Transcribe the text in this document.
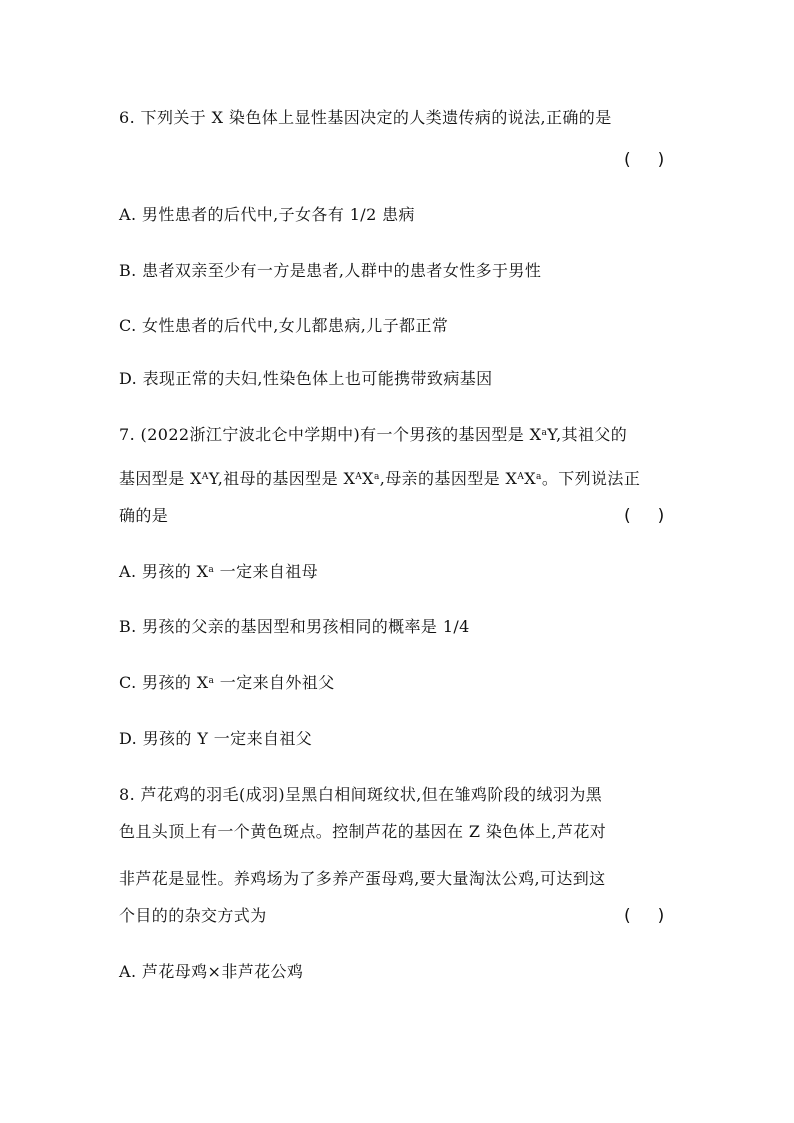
6. 下列关于 X 染色体上显性基因决定的人类遗传病的说法,正确的是
(     )
A. 男性患者的后代中,子女各有 1/2 患病
B. 患者双亲至少有一方是患者,人群中的患者女性多于男性
C. 女性患者的后代中,女儿都患病,儿子都正常
D. 表现正常的夫妇,性染色体上也可能携带致病基因
7. (2022浙江宁波北仑中学期中)有一个男孩的基因型是 $X^aY$,其祖父的
基因型是 $X^AY$,祖母的基因型是 $X^AX^a$,母亲的基因型是 $X^AX^a$。下列说法正
确的是	(     )
A. 男孩的 $X^a$ 一定来自祖母
B. 男孩的父亲的基因型和男孩相同的概率是 1/4
C. 男孩的 $X^a$ 一定来自外祖父
D. 男孩的 Y 一定来自祖父
8. 芦花鸡的羽毛(成羽)呈黑白相间斑纹状,但在雏鸡阶段的绒羽为黑
色且头顶上有一个黄色斑点。控制芦花的基因在 Z 染色体上,芦花对
非芦花是显性。养鸡场为了多养产蛋母鸡,要大量淘汰公鸡,可达到这
个目的的杂交方式为	(     )
A. 芦花母鸡×非芦花公鸡
